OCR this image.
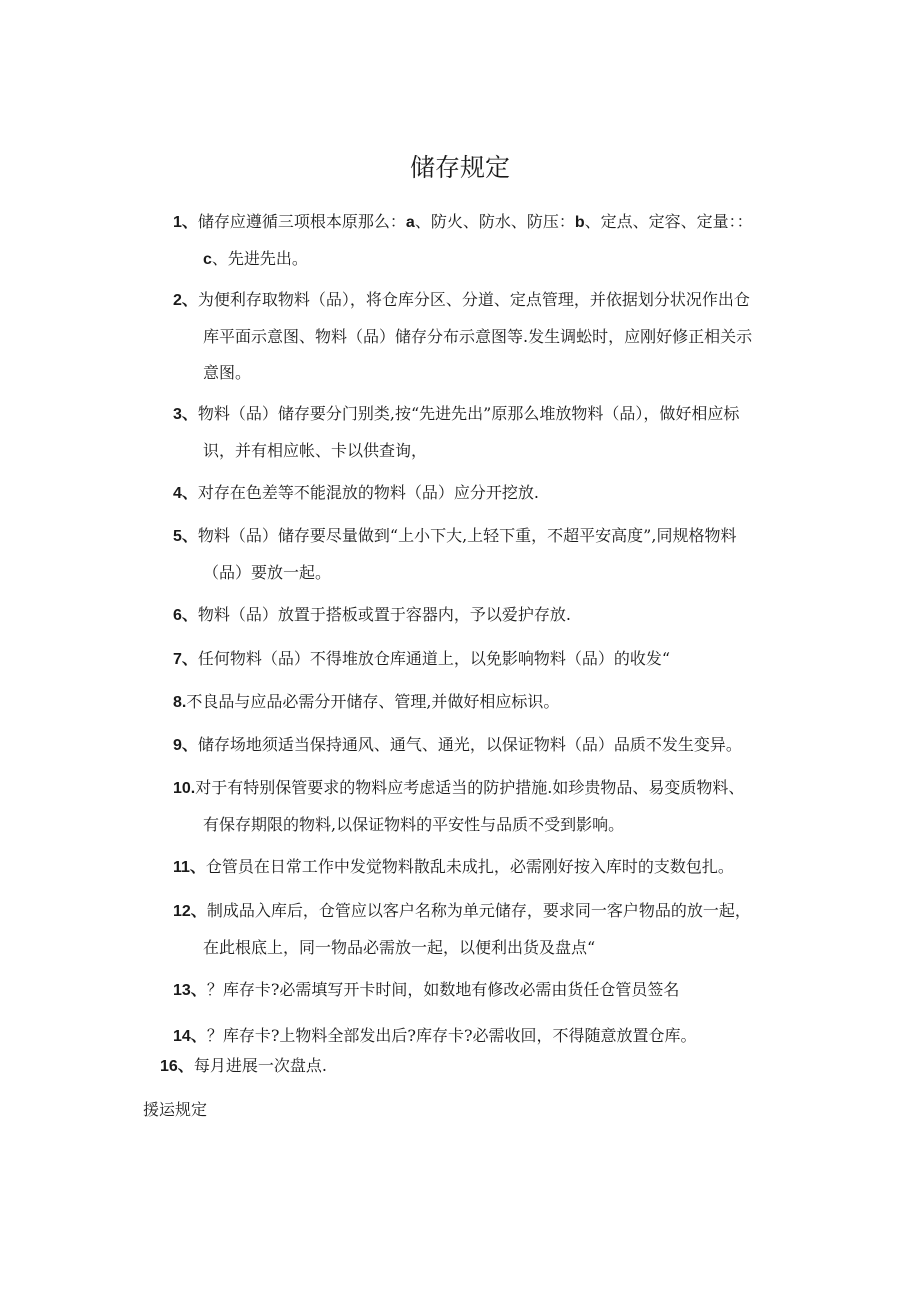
储存规定
1、储存应遵循三项根本原那么：a、防火、防水、防压：b、定点、定容、定量：：
c、先进先出。
2、为便利存取物料（品），将仓库分区、分道、定点管理，并依据划分状况作出仓
库平面示意图、物料（品）储存分布示意图等.发生调蚣时，应刚好修正相关示
意图。
3、物料（品）储存要分门别类,按“先进先出”原那么堆放物料（品），做好相应标
识，并有相应帐、卡以供查询，
4、对存在色差等不能混放的物料（品）应分开挖放.
5、物料（品）储存要尽量做到“上小下大,上轻下重，不超平安高度”,同规格物料
（品）要放一起。
6、物料（品）放置于搭板或置于容器内，予以爱护存放.
7、任何物料（品）不得堆放仓库通道上，以免影响物料（品）的收发“
8.不良品与应品必需分开储存、管理,并做好相应标识。
9、储存场地须适当保持通风、通气、通光，以保证物料（品）品质不发生变异。
10.对于有特别保管要求的物料应考虑适当的防护措施.如珍贵物品、易变质物料、
有保存期限的物料,以保证物料的平安性与品质不受到影响。
11、仓管员在日常工作中发觉物料散乱未成扎，必需刚好按入库时的支数包扎。
12、制成品入库后，仓管应以客户名称为单元储存，要求同一客户物品的放一起，
在此根底上，同一物品必需放一起，以便利出货及盘点“
13、？库存卡?必需填写开卡时间，如数地有修改必需由货任仓管员签名
14、？库存卡?上物料全部发出后?库存卡?必需收回，不得随意放置仓库。
16、每月进展一次盘点.
援运规定
